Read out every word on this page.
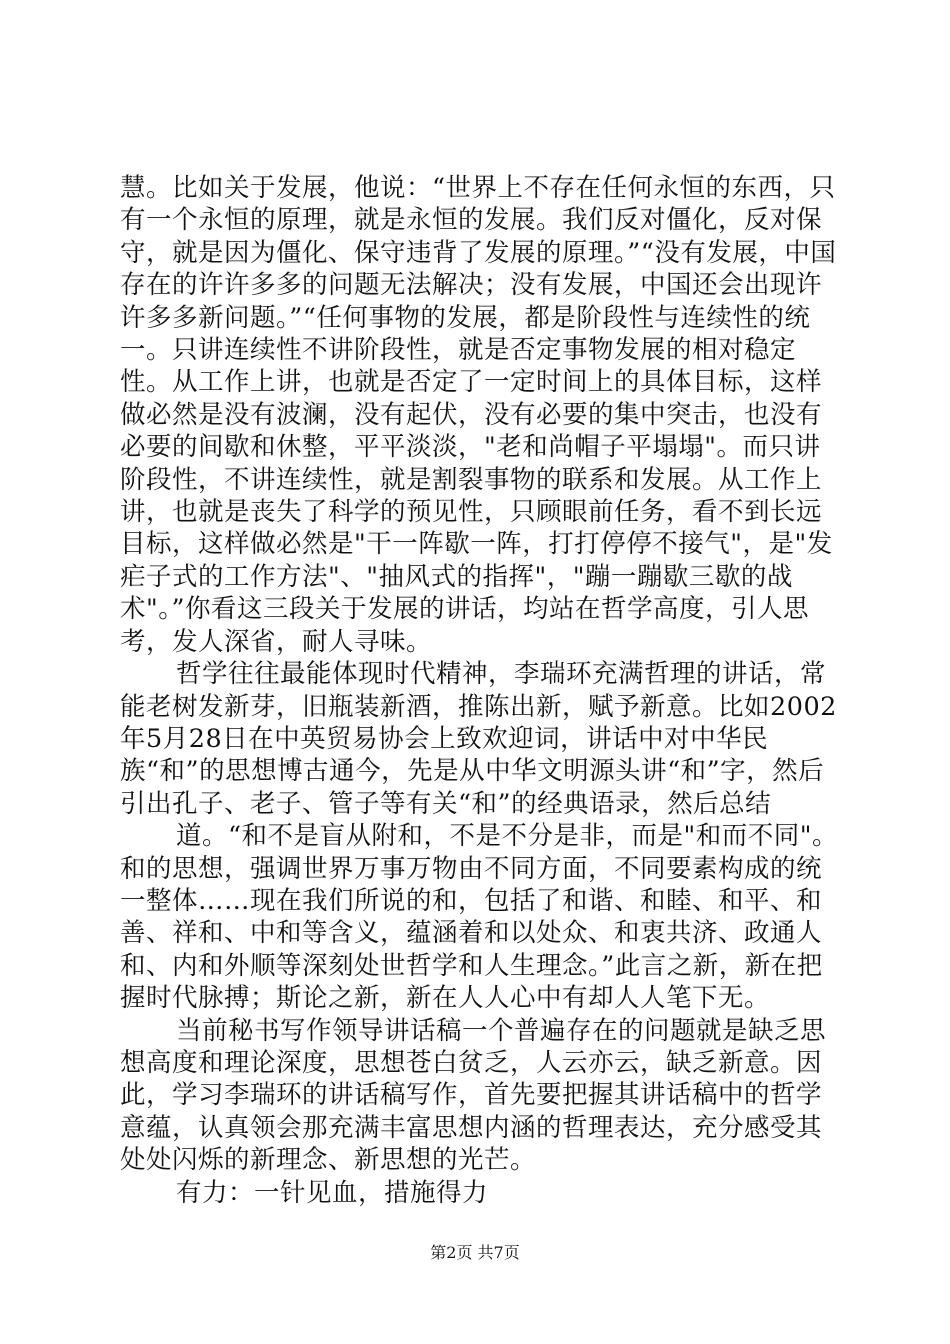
慧。比如关于发展，他说：“世界上不存在任何永恒的东西，只有一个永恒的原理，就是永恒的发展。我们反对僵化，反对保守，就是因为僵化、保守违背了发展的原理。”“没有发展，中国存在的许许多多的问题无法解决；没有发展，中国还会出现许许多多新问题。”“任何事物的发展，都是阶段性与连续性的统一。只讲连续性不讲阶段性，就是否定事物发展的相对稳定性。从工作上讲，也就是否定了一定时间上的具体目标，这样做必然是没有波澜，没有起伏，没有必要的集中突击，也没有必要的间歇和休整，平平淡淡，"老和尚帽子平塌塌"。而只讲阶段性，不讲连续性，就是割裂事物的联系和发展。从工作上讲，也就是丧失了科学的预见性，只顾眼前任务，看不到长远目标，这样做必然是"干一阵歇一阵，打打停停不接气"，是"发疟子式的工作方法"、"抽风式的指挥"，"蹦一蹦歇三歇的战术"。”你看这三段关于发展的讲话，均站在哲学高度，引人思考，发人深省，耐人寻味。

哲学往往最能体现时代精神，李瑞环充满哲理的讲话，常能老树发新芽，旧瓶装新酒，推陈出新，赋予新意。比如2002年5月28日在中英贸易协会上致欢迎词，讲话中对中华民族“和”的思想博古通今，先是从中华文明源头讲“和”字，然后引出孔子、老子、管子等有关“和”的经典语录，然后总结

道。“和不是盲从附和，不是不分是非，而是"和而不同"。和的思想，强调世界万事万物由不同方面，不同要素构成的统一整体……现在我们所说的和，包括了和谐、和睦、和平、和善、祥和、中和等含义，蕴涵着和以处众、和衷共济、政通人和、内和外顺等深刻处世哲学和人生理念。”此言之新，新在把握时代脉搏；斯论之新，新在人人心中有却人人笔下无。

当前秘书写作领导讲话稿一个普遍存在的问题就是缺乏思想高度和理论深度，思想苍白贫乏，人云亦云，缺乏新意。因此，学习李瑞环的讲话稿写作，首先要把握其讲话稿中的哲学意蕴，认真领会那充满丰富思想内涵的哲理表达，充分感受其处处闪烁的新理念、新思想的光芒。

有力：一针见血，措施得力

第2页 共7页
